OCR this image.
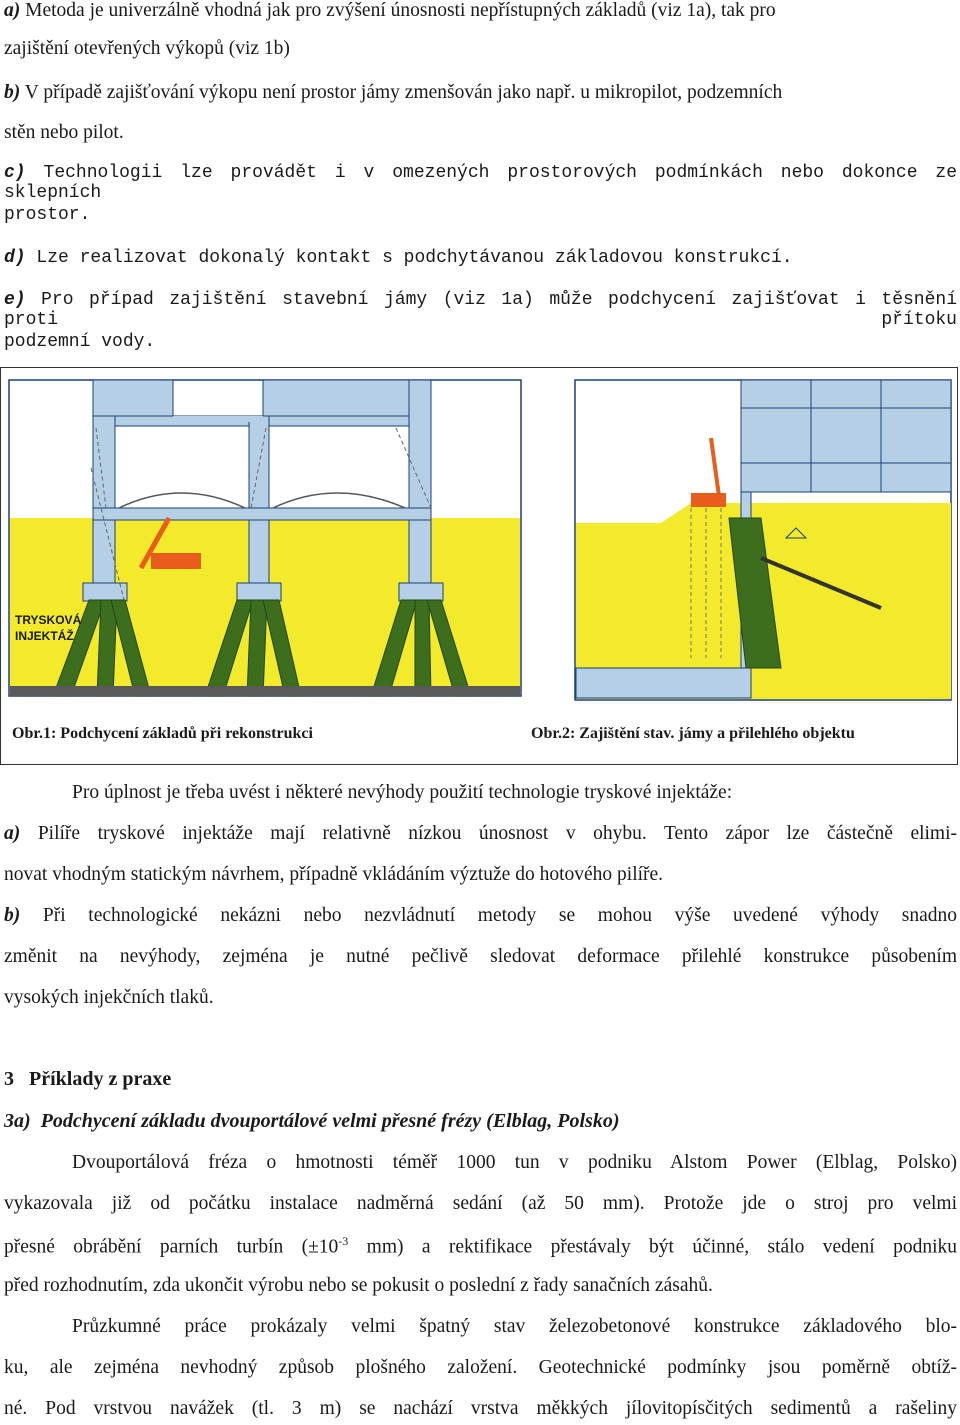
a) Metoda je univerzálně vhodná jak pro zvýšení únosnosti nepřístupných základů (viz 1a), tak pro
zajištění otevřených výkopů (viz 1b)
b) V případě zajišťování výkopu není prostor jámy zmenšován jako např. u mikropilot, podzemních
stěn nebo pilot.
c) Technologii lze provádět i v omezených prostorových podmínkách nebo dokonce ze sklepních
prostor.
d) Lze realizovat dokonalý kontakt s podchytávanou základovou konstrukcí.
e) Pro případ zajištění stavební jámy (viz 1a) může podchycení zajišťovat i těsnění proti přítoku
podzemní vody.
TRYSKOVÁ
INJEKTÁŽ
Obr.1: Podchycení základů při rekonstrukci	Obr.2: Zajištění stav. jámy a přilehlého objektu
Pro úplnost je třeba uvést i některé nevýhody použití technologie tryskové injektáže:
a) Pilíře tryskové injektáže mají relativně nízkou únosnost v ohybu. Tento zápor lze částečně elimi-
novat vhodným statickým návrhem, případně vkládáním výztuže do hotového pilíře.
b) Při technologické nekázni nebo nezvládnutí metody se mohou výše uvedené výhody snadno
změnit na nevýhody, zejména je nutné pečlivě sledovat deformace přilehlé konstrukce působením
vysokých injekčních tlaků.
3 Příklady z praxe
3a) Podchycení základu dvouportálové velmi přesné frézy (Elblag, Polsko)
Dvouportálová fréza o hmotnosti téměř 1000 tun v podniku Alstom Power (Elblag, Polsko)
vykazovala již od počátku instalace nadměrná sedání (až 50 mm). Protože jde o stroj pro velmi
přesné obrábění parních turbín ($\pm 10^{-3}$ mm) a rektifikace přestávaly být účinné, stálo vedení podniku
před rozhodnutím, zda ukončit výrobu nebo se pokusit o poslední z řady sanačních zásahů.
Průzkumné práce prokázaly velmi špatný stav železobetonové konstrukce základového blo-
ku, ale zejména nevhodný způsob plošného založení. Geotechnické podmínky jsou poměrně obtíž-
né. Pod vrstvou navážek (tl. 3 m) se nachází vrstva měkkých jílovitopísčitých sedimentů a rašeliny
